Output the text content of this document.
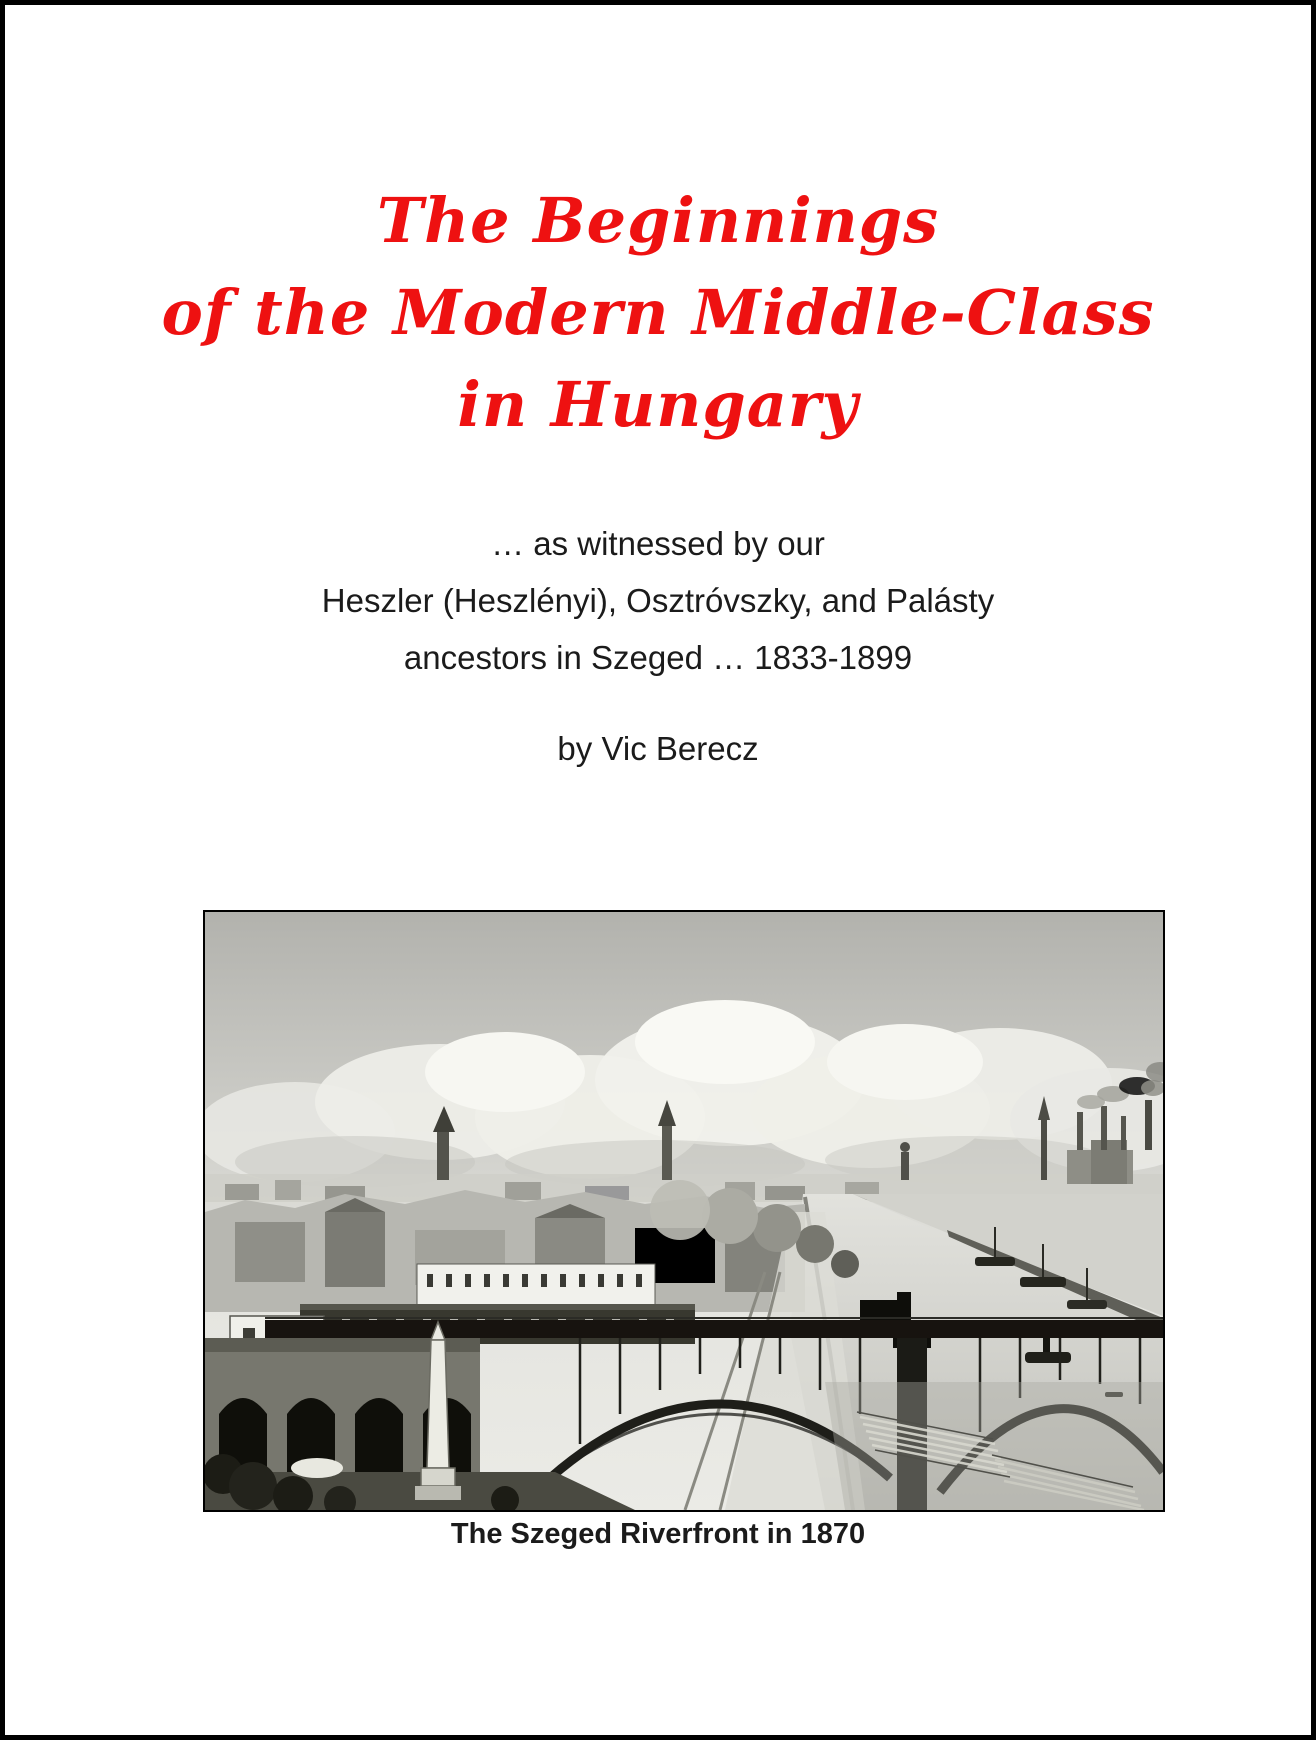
The Beginnings
of the Modern Middle-Class
in Hungary
… as witnessed by our
Heszler (Heszlényi), Osztróvszky, and Palásty
ancestors in Szeged … 1833-1899
by Vic Berecz
The Szeged Riverfront in 1870
